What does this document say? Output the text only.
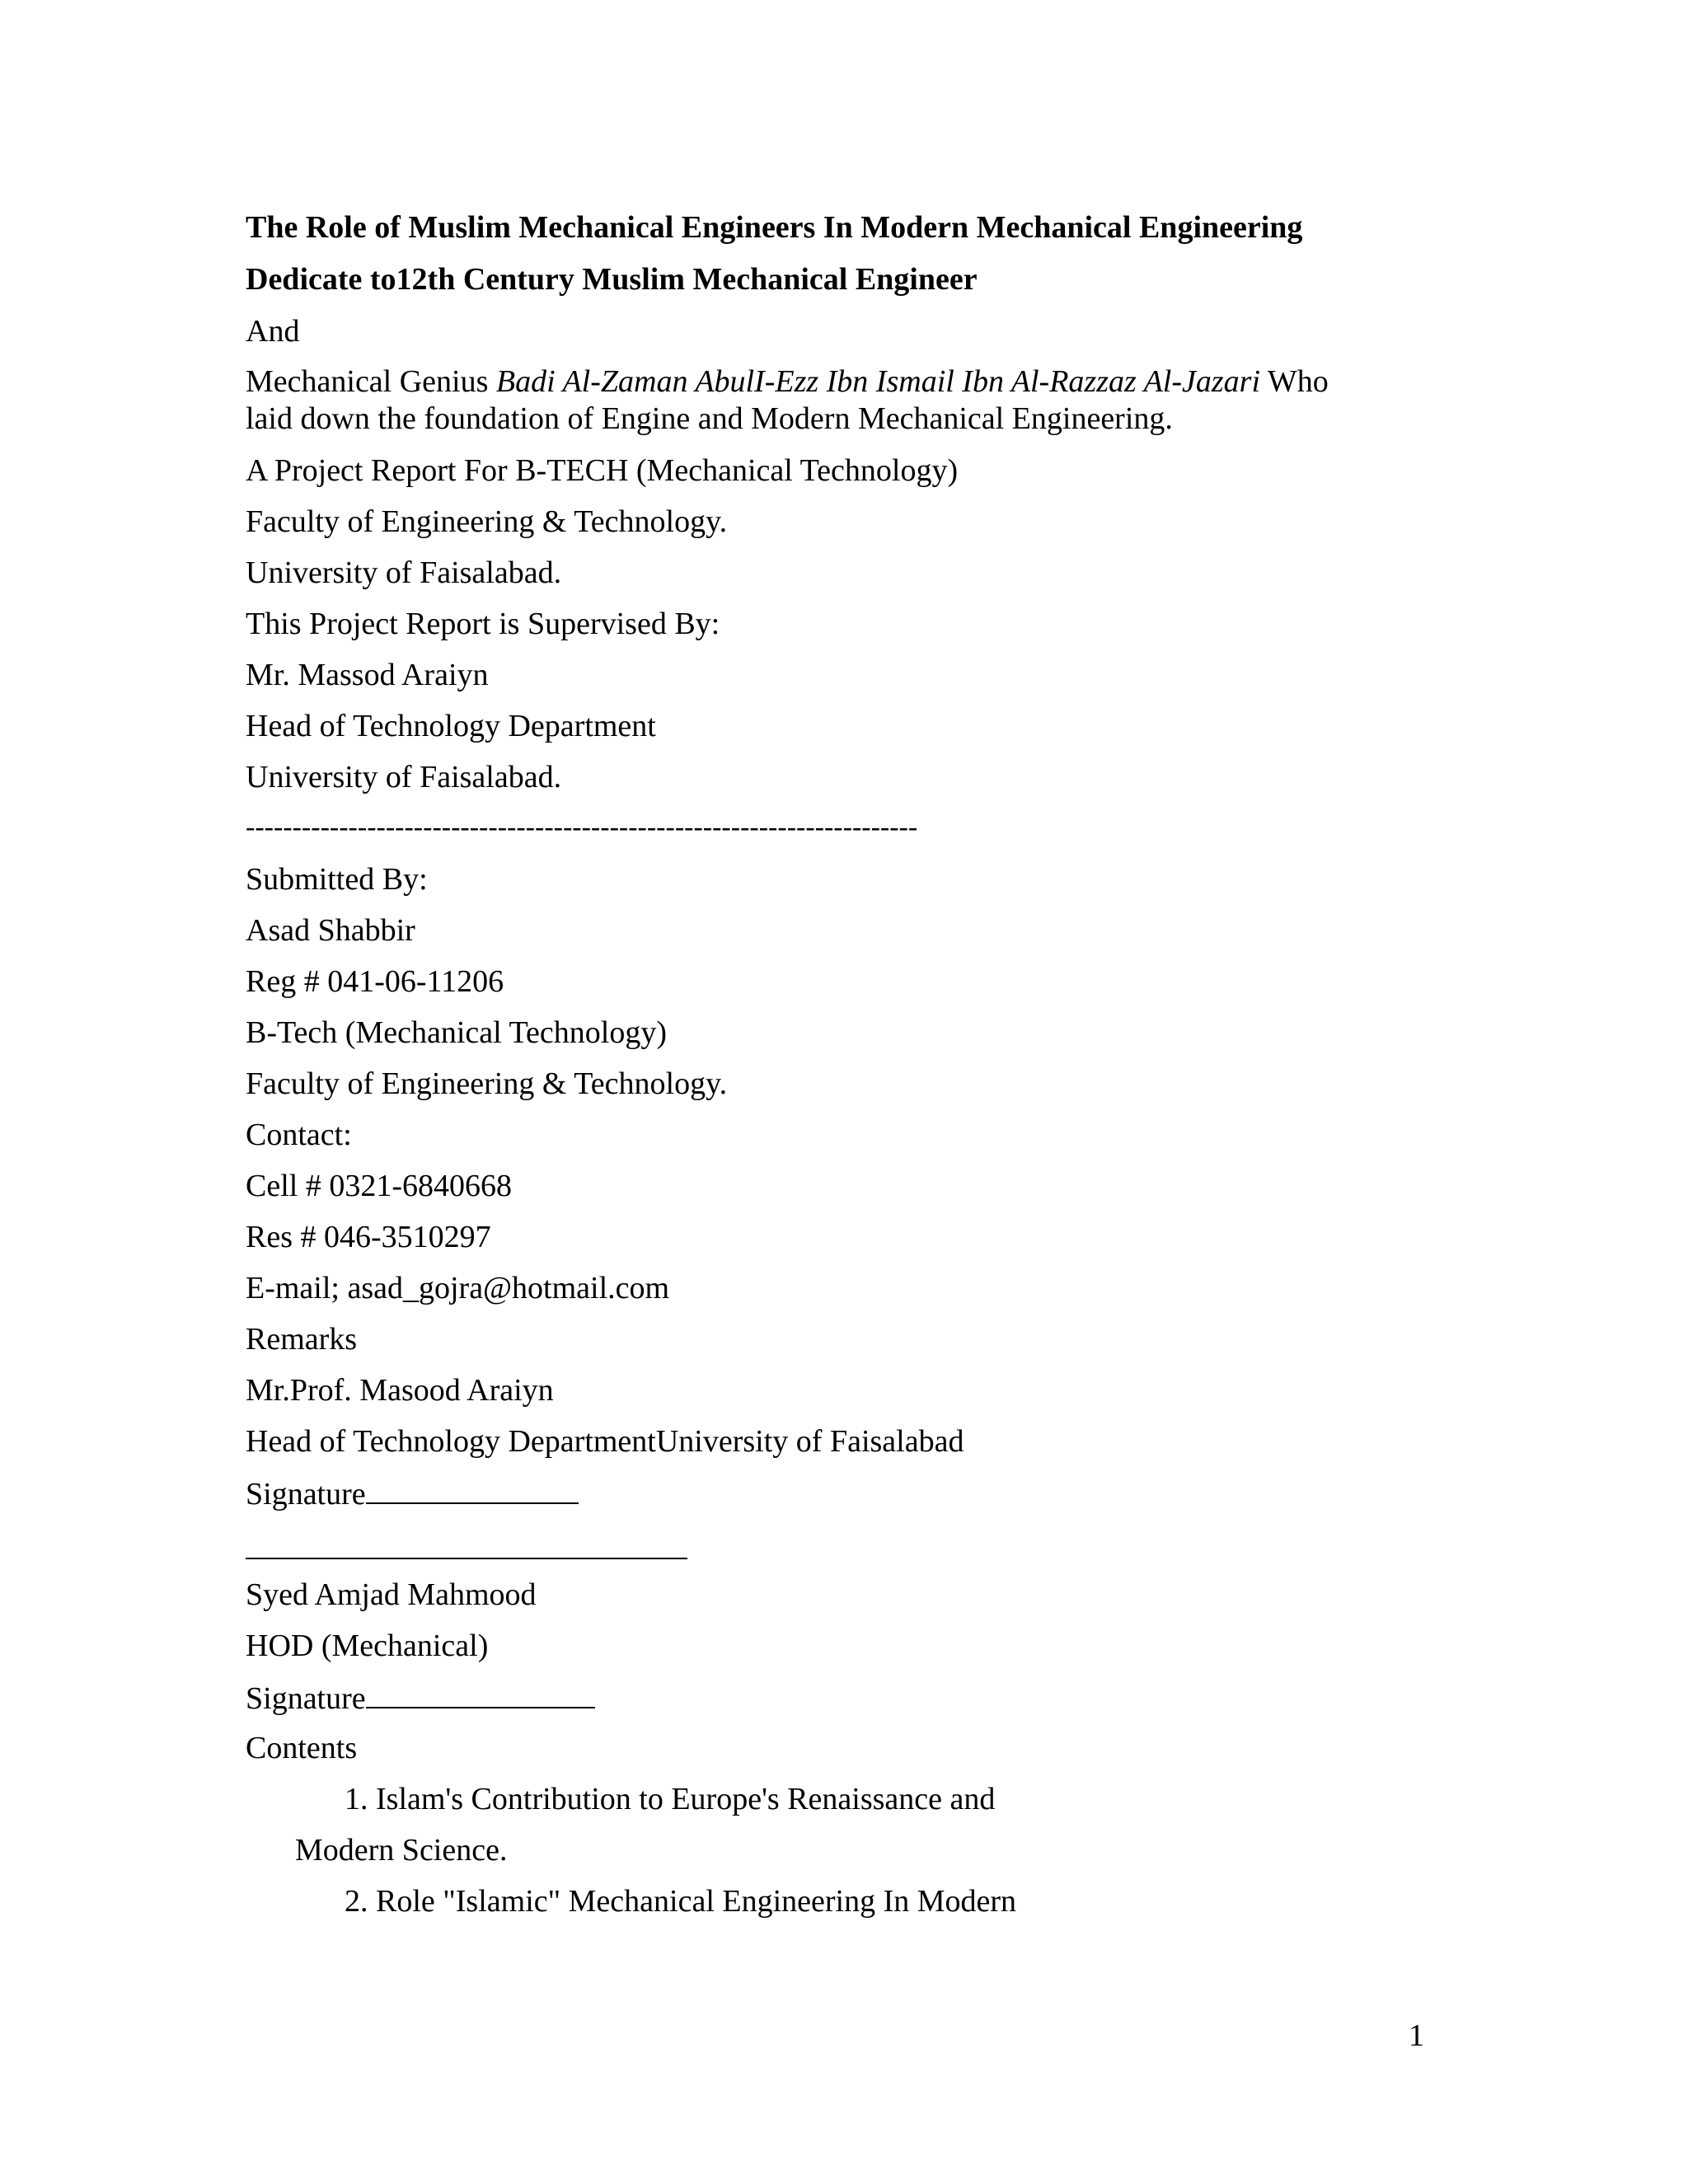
The Role of Muslim Mechanical Engineers In Modern Mechanical Engineering
Dedicate to12th Century Muslim Mechanical Engineer
And
Mechanical Genius Badi Al-Zaman AbulI-Ezz Ibn Ismail Ibn Al-Razzaz Al-Jazari Who
laid down the foundation of Engine and Modern Mechanical Engineering.
A Project Report For B-TECH (Mechanical Technology)
Faculty of Engineering & Technology.
University of Faisalabad.
This Project Report is Supervised By:
Mr. Massod Araiyn
Head of Technology Department
University of Faisalabad.
------------------------------------------------------------------------
Submitted By:
Asad Shabbir
Reg # 041-06-11206
B-Tech (Mechanical Technology)
Faculty of Engineering & Technology.
Contact:
Cell # 0321-6840668
Res # 046-3510297
E-mail; asad_gojra@hotmail.com
Remarks
Mr.Prof. Masood Araiyn
Head of Technology DepartmentUniversity of Faisalabad
Signature
Syed Amjad Mahmood
HOD (Mechanical)
Signature
Contents
1. Islam's Contribution to Europe's Renaissance and
Modern Science.
2. Role "Islamic" Mechanical Engineering In Modern
1
